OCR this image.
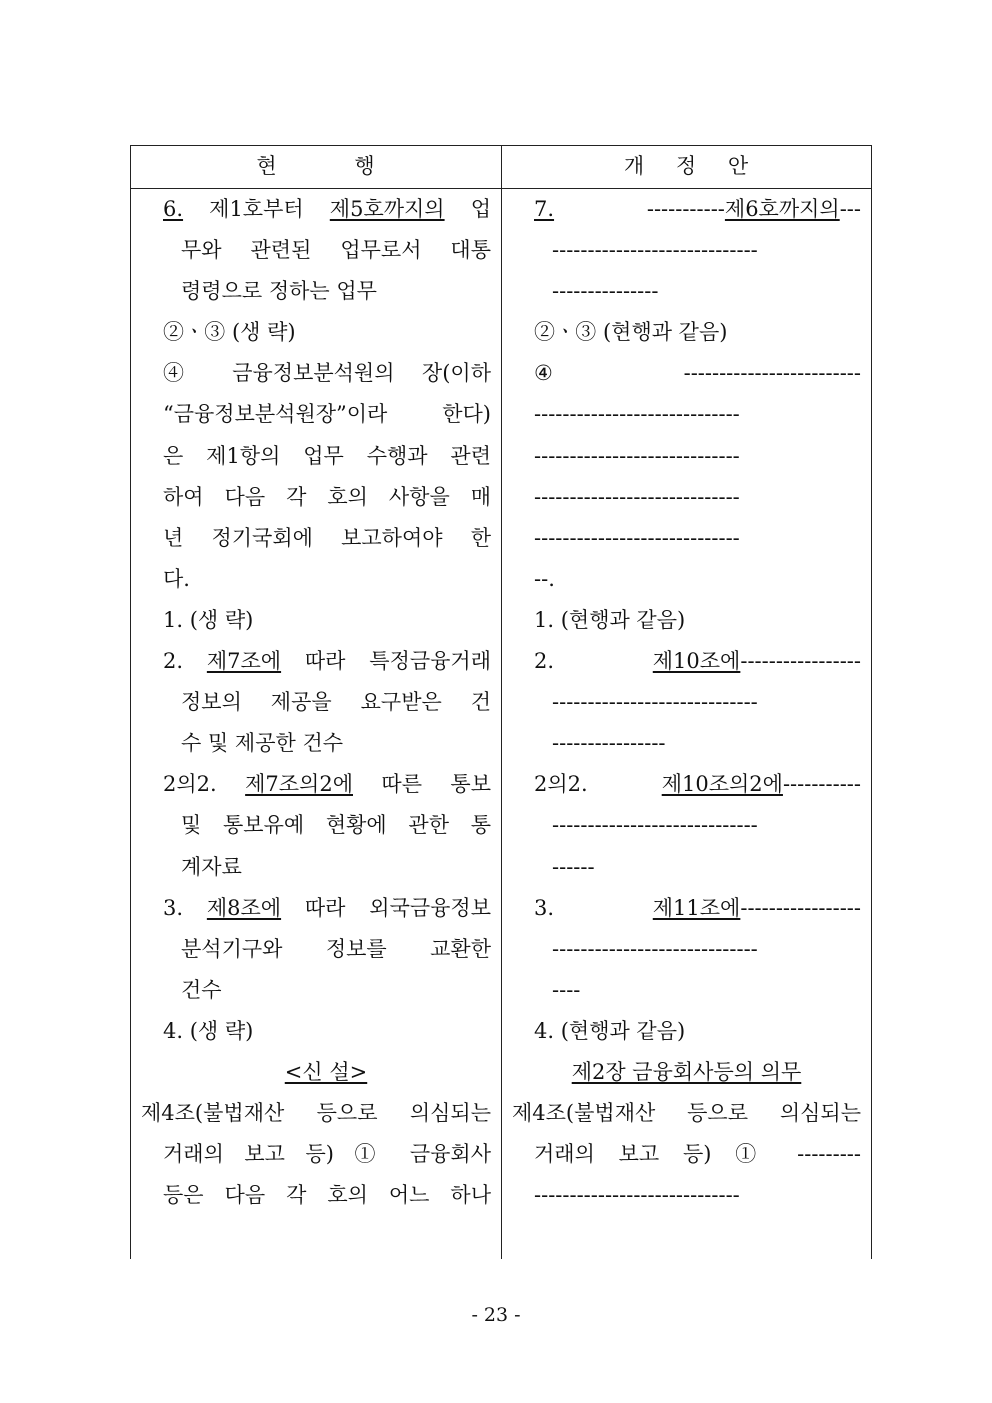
현          행	개    정    안
6. 제1호부터 제5호까지의 업
무와 관련된 업무로서 대통
령령으로 정하는 업무
②ㆍ③ (생 략)
④ 금융정보분석원의 장(이하
“금융정보분석원장”이라 한다)
은 제1항의 업무 수행과 관련
하여 다음 각 호의 사항을 매
년 정기국회에 보고하여야 한
다.
1. (생 략)
2. 제7조에 따라 특정금융거래
정보의 제공을 요구받은 건
수 및 제공한 건수
2의2. 제7조의2에 따른 통보
및 통보유예 현황에 관한 통
계자료
3. 제8조에 따라 외국금융정보
분석기구와 정보를 교환한
건수
4. (생 략)
<신 설>
제4조(불법재산 등으로 의심되는
거래의 보고 등) ① 금융회사
등은 다음 각 호의 어느 하나
7. -----------제6호까지의---
-----------------------------
---------------
②ㆍ③ (현행과 같음)
④ -------------------------
-----------------------------
-----------------------------
-----------------------------
-----------------------------
--.
1. (현행과 같음)
2. 제10조에-----------------
-----------------------------
----------------
2의2. 제10조의2에-----------
-----------------------------
------
3. 제11조에-----------------
-----------------------------
----
4. (현행과 같음)
제2장 금융회사등의 의무
제4조(불법재산 등으로 의심되는
거래의 보고 등) ① ---------
-----------------------------
- 23 -
